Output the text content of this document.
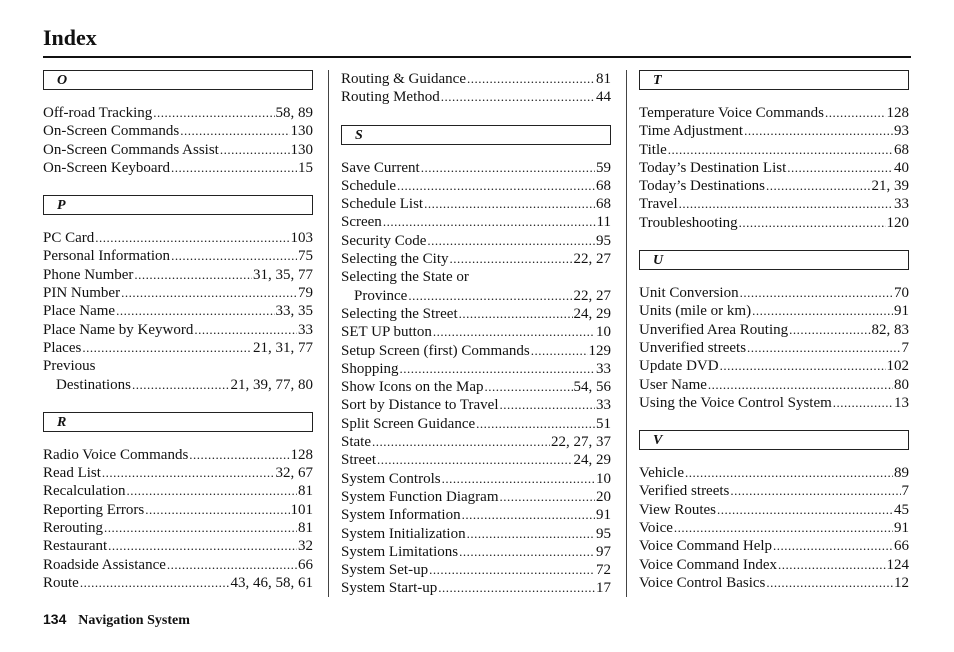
Index
O
Off-road Tracking .....	58, 89
On-Screen Commands .....	130
On-Screen Commands Assist .....	130
On-Screen Keyboard .....	15
P
PC Card .....	103
Personal Information .....	75
Phone Number .....	31, 35, 77
PIN Number .....	79
Place Name .....	33, 35
Place Name by Keyword .....	33
Places .....	21, 31, 77
Previous
Destinations .....	21, 39, 77, 80
R
Radio Voice Commands .....	128
Read List .....	32, 67
Recalculation .....	81
Reporting Errors .....	101
Rerouting .....	81
Restaurant .....	32
Roadside Assistance .....	66
Route .....	43, 46, 58, 61
Routing & Guidance .....	81
Routing Method .....	44
S
Save Current .....	59
Schedule .....	68
Schedule List .....	68
Screen .....	11
Security Code .....	95
Selecting the City .....	22, 27
Selecting the State or
Province .....	22, 27
Selecting the Street .....	24, 29
SET UP button .....	10
Setup Screen (first) Commands .....	129
Shopping .....	33
Show Icons on the Map .....	54, 56
Sort by Distance to Travel .....	33
Split Screen Guidance .....	51
State .....	22, 27, 37
Street .....	24, 29
System Controls .....	10
System Function Diagram .....	20
System Information .....	91
System Initialization .....	95
System Limitations .....	97
System Set-up .....	72
System Start-up .....	17
T
Temperature Voice Commands .....	128
Time Adjustment .....	93
Title .....	68
Today’s Destination List .....	40
Today’s Destinations .....	21, 39
Travel .....	33
Troubleshooting .....	120
U
Unit Conversion .....	70
Units (mile or km) .....	91
Unverified Area Routing .....	82, 83
Unverified streets .....	7
Update DVD .....	102
User Name .....	80
Using the Voice Control System .....	13
V
Vehicle .....	89
Verified streets .....	7
View Routes .....	45
Voice .....	91
Voice Command Help .....	66
Voice Command Index .....	124
Voice Control Basics .....	12
134 Navigation System
